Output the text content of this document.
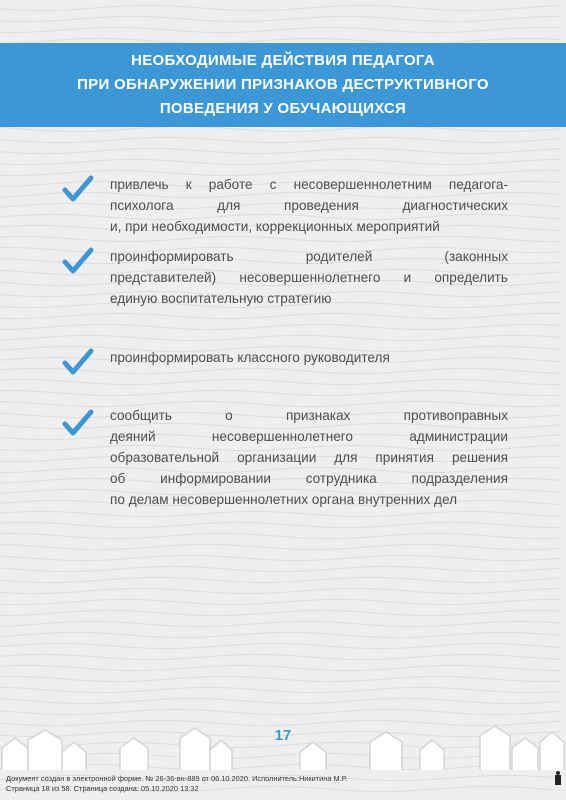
НЕОБХОДИМЫЕ ДЕЙСТВИЯ ПЕДАГОГА
ПРИ ОБНАРУЖЕНИИ ПРИЗНАКОВ ДЕСТРУКТИВНОГО
ПОВЕДЕНИЯ У ОБУЧАЮЩИХСЯ
привлечь к работе с несовершеннолетним педагога-
психолога для проведения диагностических
и, при необходимости, коррекционных мероприятий
проинформировать родителей (законных
представителей) несовершеннолетнего и определить
единую воспитательную стратегию
проинформировать классного руководителя
сообщить о признаках противоправных
деяний несовершеннолетнего администрации
образовательной организации для принятия решения
об информировании сотрудника подразделения
по делам несовершеннолетних органа внутренних дел
17
Документ создан в электронной форме. № 26-36-вн-889 от 06.10.2020. Исполнитель:Никитина М.Р.
Страница 18 из 58. Страница создана: 05.10.2020 13:32
